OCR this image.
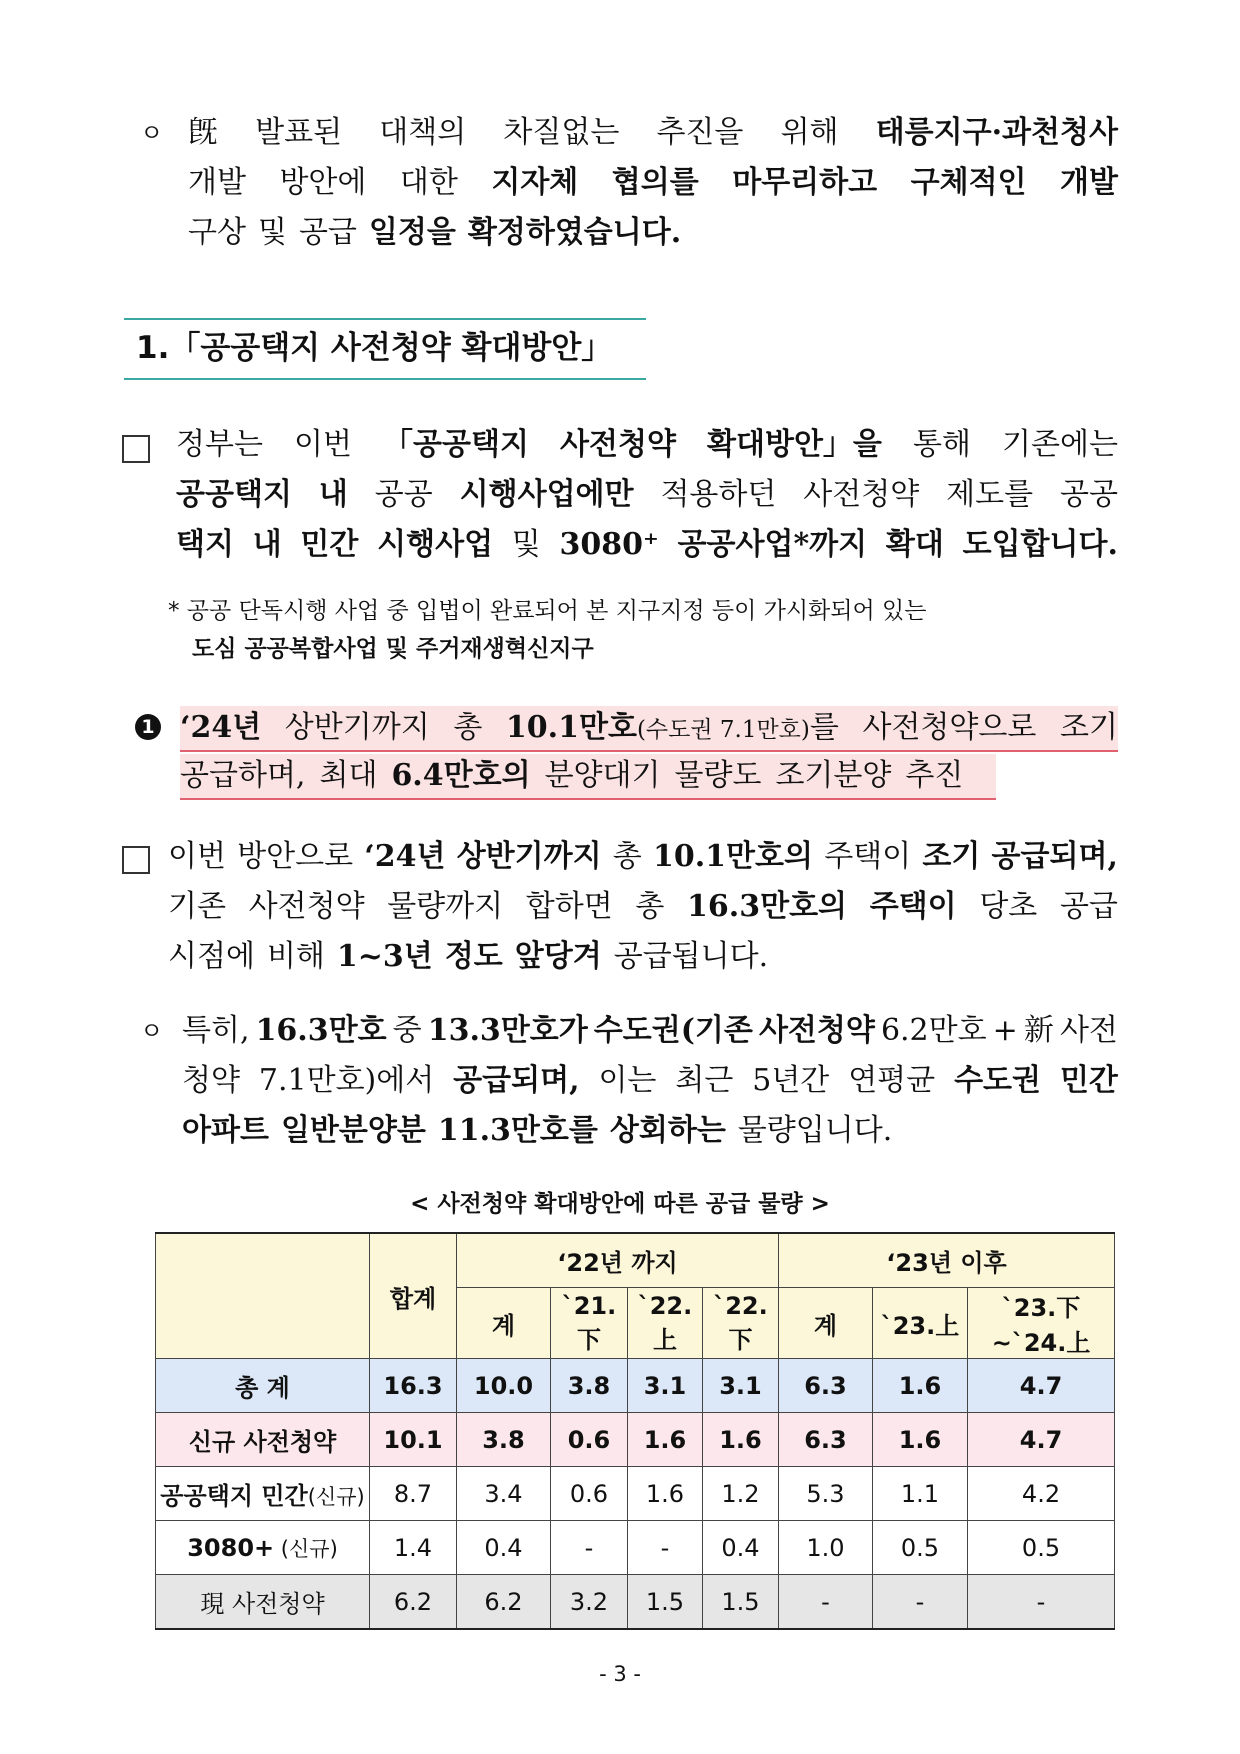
ㅇ 旣 발표된 대책의 차질없는 추진을 위해 태릉지구·과천청사
개발 방안에 대한 지자체 협의를 마무리하고 구체적인 개발
구상 및 공급 일정을 확정하였습니다.
1.「공공택지 사전청약 확대방안」
정부는 이번 「공공택지 사전청약 확대방안」을 통해 기존에는
공공택지 내 공공 시행사업에만 적용하던 사전청약 제도를 공공
택지 내 민간 시행사업 및 3080⁺ 공공사업*까지 확대 도입합니다.
* 공공 단독시행 사업 중 입법이 완료되어 본 지구지정 등이 가시화되어 있는
도심 공공복합사업 및 주거재생혁신지구
1 ‘24년 상반기까지 총 10.1만호(수도권 7.1만호)를 사전청약으로 조기
공급하며, 최대 6.4만호의 분양대기 물량도 조기분양 추진
이번 방안으로 ‘24년 상반기까지 총 10.1만호의 주택이 조기 공급되며,
기존 사전청약 물량까지 합하면 총 16.3만호의 주택이 당초 공급
시점에 비해 1~3년 정도 앞당겨 공급됩니다.
ㅇ 특히, 16.3만호 중 13.3만호가 수도권(기존 사전청약 6.2만호 + 新 사전
청약 7.1만호)에서 공급되며, 이는 최근 5년간 연평균 수도권 민간
아파트 일반분양분 11.3만호를 상회하는 물량입니다.
< 사전청약 확대방안에 따른 공급 물량 >
	합계	‘22년 까지				‘23년 이후		
		계	`21.下	`22.上	`22.下	계	`23.上	`23.下~`24.上
총 계	16.3	10.0	3.8	3.1	3.1	6.3	1.6	4.7
신규 사전청약	10.1	3.8	0.6	1.6	1.6	6.3	1.6	4.7
공공택지 민간(신규)	8.7	3.4	0.6	1.6	1.2	5.3	1.1	4.2
3080+ (신규)	1.4	0.4	-	-	0.4	1.0	0.5	0.5
現 사전청약	6.2	6.2	3.2	1.5	1.5	-	-	-
- 3 -
